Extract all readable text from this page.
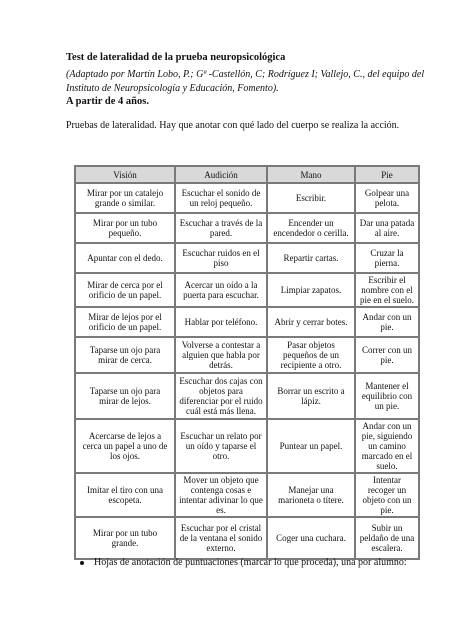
Test de lateralidad de la prueba neuropsicológica
(Adaptado por Martín Lobo, P.; Gª -Castellón, C; Rodríguez I; Vallejo, C., del equipo del Instituto de Neuropsicología y Educación, Fomento).
A partir de 4 años.
Pruebas de lateralidad. Hay que anotar con qué lado del cuerpo se realiza la acción.
Visión	Audición	Mano	Pie
Mirar por un catalejo grande o similar.	Escuchar el sonido de un reloj pequeño.	Escribir.	Golpear una pelota.
Mirar por un tubo pequeño.	Escuchar a través de la pared.	Encender un encendedor o cerilla.	Dar una patada al aire.
Apuntar con el dedo.	Escuchar ruidos en el piso	Repartir cartas.	Cruzar la pierna.
Mirar de cerca por el orificio de un papel.	Acercar un oído a la puerta para escuchar.	Limpiar zapatos.	Escribir el nombre con el pie en el suelo.
Mirar de lejos por el orificio de un papel.	Hablar por teléfono.	Abrir y cerrar botes.	Andar con un pie.
Taparse un ojo para mirar de cerca.	Volverse a contestar a alguien que habla por detrás.	Pasar objetos pequeños de un recipiente a otro.	Correr con un pie.
Taparse un ojo para mirar de lejos.	Escuchar dos cajas con objetos para diferenciar por el ruido cuál está más llena.	Borrar un escrito a lápiz.	Mantener el equilibrio con un pie.
Acercarse de lejos a cerca un papel a uno de los ojos.	Escuchar un relato por un oído y taparse el otro.	Puntear un papel.	Andar con un pie, siguiendo un camino marcado en el suelo.
Imitar el tiro con una escopeta.	Mover un objeto que contenga cosas e intentar adivinar lo que es.	Manejar una marioneta o títere.	Intentar recoger un objeto con un pie.
Mirar por un tubo grande.	Escuchar por el cristal de la ventana el sonido externo.	Coger una cuchara.	Subir un peldaño de una escalera.
Hojas de anotación de puntuaciones (marcar lo que proceda), una por alumno:
